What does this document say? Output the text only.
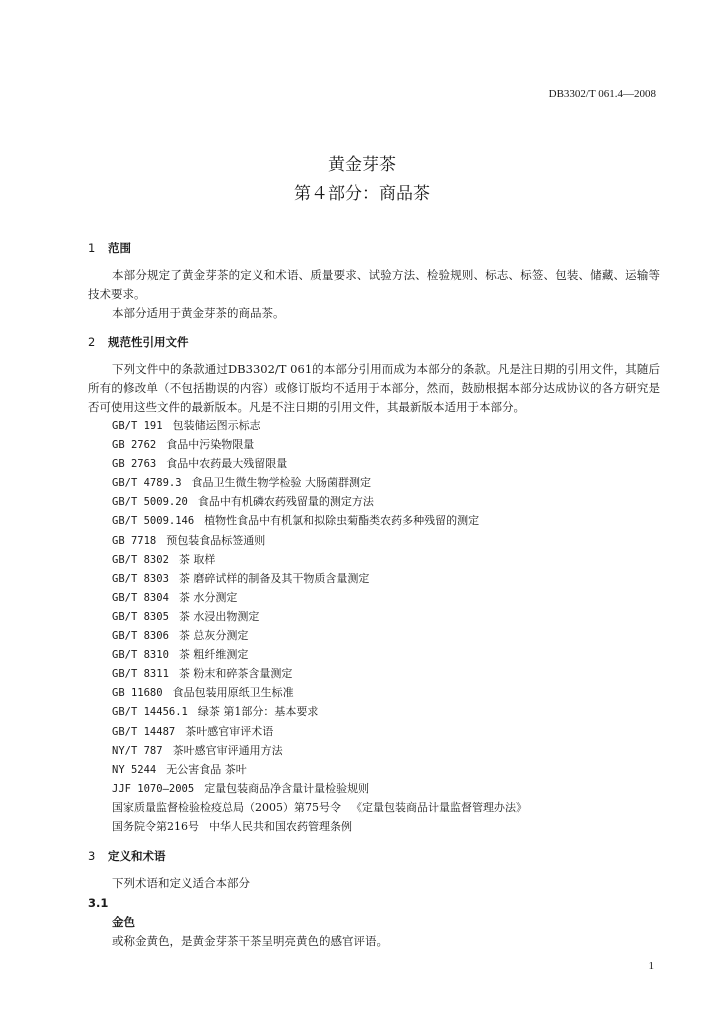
DB3302/T 061.4—2008
黄金芽茶
第４部分：商品茶
1 范围
本部分规定了黄金芽茶的定义和术语、质量要求、试验方法、检验规则、标志、标签、包装、储藏、运输等技术要求。
本部分适用于黄金芽茶的商品茶。
2 规范性引用文件
下列文件中的条款通过DB3302/T 061的本部分引用而成为本部分的条款。凡是注日期的引用文件，其随后所有的修改单（不包括勘误的内容）或修订版均不适用于本部分，然而，鼓励根据本部分达成协议的各方研究是否可使用这些文件的最新版本。凡是不注日期的引用文件，其最新版本适用于本部分。
GB/T 191 包装储运图示标志
GB 2762 食品中污染物限量
GB 2763 食品中农药最大残留限量
GB/T 4789.3 食品卫生微生物学检验 大肠菌群测定
GB/T 5009.20 食品中有机磷农药残留量的测定方法
GB/T 5009.146 植物性食品中有机氯和拟除虫菊酯类农药多种残留的测定
GB 7718 预包装食品标签通则
GB/T 8302 茶 取样
GB/T 8303 茶 磨碎试样的制备及其干物质含量测定
GB/T 8304 茶 水分测定
GB/T 8305 茶 水浸出物测定
GB/T 8306 茶 总灰分测定
GB/T 8310 茶 粗纤维测定
GB/T 8311 茶 粉末和碎茶含量测定
GB 11680 食品包装用原纸卫生标准
GB/T 14456.1 绿茶 第1部分：基本要求
GB/T 14487 茶叶感官审评术语
NY/T 787 茶叶感官审评通用方法
NY 5244 无公害食品 茶叶
JJF 1070—2005 定量包装商品净含量计量检验规则
国家质量监督检验检疫总局（2005）第75号令 《定量包装商品计量监督管理办法》
国务院令第216号 中华人民共和国农药管理条例
3 定义和术语
下列术语和定义适合本部分
3.1
金色
或称金黄色，是黄金芽茶干茶呈明亮黄色的感官评语。
1
